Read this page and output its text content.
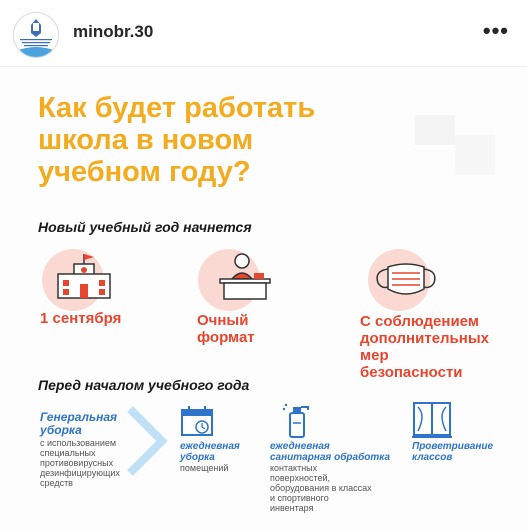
minobr.30	•••
Как будет работать
школа в новом
учебном году?
Новый учебный год начнется
1 сентября	Очный
формат
С соблюдением
дополнительных
мер
безопасности
Перед началом учебного года
Генеральная
уборка
с использованием
специальных
противовирусных
дезинфицирующих
средств
ежедневная
уборка
помещений
ежедневная
санитарная обработка
контактных
поверхностей,
оборудования в классах
и спортивного
инвентаря
Проветривание
классов
